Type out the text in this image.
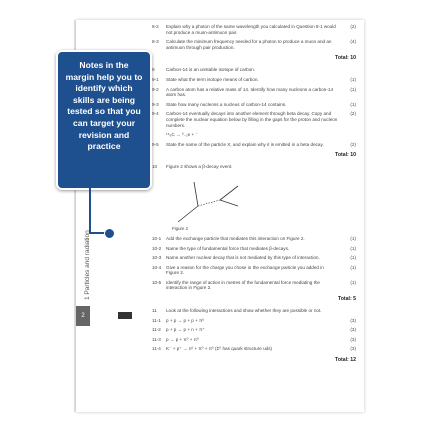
Notes in the margin help you to identify which skills are being tested so that you can target your revision and practice

1 Particles and radiation
2
8-2	Explain why a photon of the same wavelength you calculated in Question 8-1 would not produce a muon-antimuon pair.
(2)
8-3	Calculate the minimum frequency needed for a photon to produce a muon and an antimuon through pair production.
(4)
Total: 10
9	Carbon-14 is an unstable isotope of carbon.
9-1	State what the term isotope means of carbon.	(1)
9-2	A carbon atom has a relative mass of 14. Identify how many nucleons a carbon-14 atom has.
(1)
9-3	State how many nucleons a nucleus of carbon-14 contains.	(1)
9-4	Carbon-14 eventually decays into another element through beta decay. Copy and complete the nuclear equation below by filling in the gaps for the proton and nucleon numbers.
(2)
¹⁴₆C → ⁰₋₁e + ⁻
9-5	State the name of the particle X, and explain why it is emitted in a beta decay.	(2)
Total: 10
10	Figure 2 shows a β-decay event.
Figure 2
10-1	Add the exchange particle that mediates this interaction on Figure 2.	(1)
10-2	Name the type of fundamental force that mediates β-decays.	(1)
10-3	Name another nuclear decay that is not mediated by this type of interaction.	(1)
10-4	Give a reason for the charge you chose in the exchange particle you added in Figure 2.
(1)
10-5	Identify the range of action in metres of the fundamental force mediating the interaction in Figure 2.
(1)
Total: 5
11	Look at the following interactions and show whether they are possible or not.
11-1	p + p → p + p + π⁰	(3)
11-2	p + p → p + n + π⁺	(3)
11-3	p → p + π⁰ + π⁰	(3)
11-4	K⁻ + p⁺ → n⁰ + π⁰ + π⁰ (Σ⁰ has quark structure uds)	(3)
Total: 12
